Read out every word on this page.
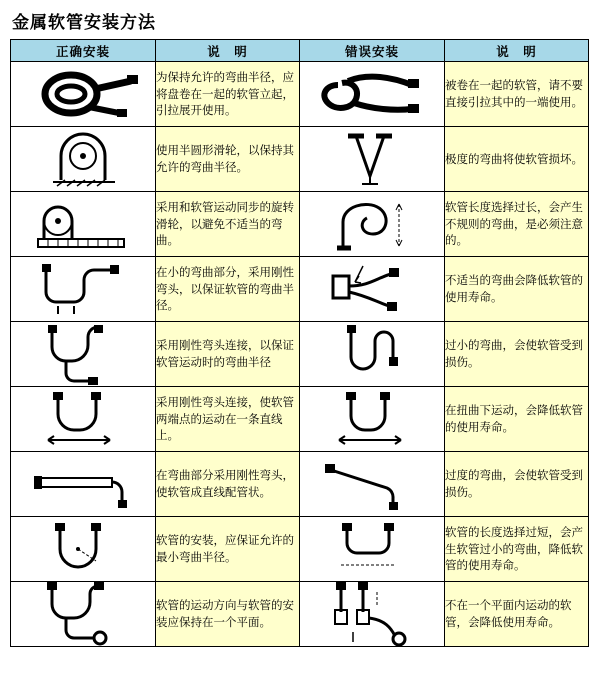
金属软管安装方法
正确安装	说　明	错误安装	说　明

	为保持允许的弯曲半径，应将盘卷在一起的软管立起，引拉展开使用。		被卷在一起的软管，请不要直接引拉其中的一端使用。

	使用半圆形滑轮，以保持其允许的弯曲半径。		极度的弯曲将使软管损坏。

	采用和软管运动同步的旋转滑轮，以避免不适当的弯曲。		软管长度选择过长，会产生不规则的弯曲，是必须注意的。

	在小的弯曲部分，采用刚性弯头，以保证软管的弯曲半径。		不适当的弯曲会降低软管的使用寿命。

	采用刚性弯头连接，以保证软管运动时的弯曲半径		过小的弯曲，会使软管受到损伤。

	采用刚性弯头连接，使软管两端点的运动在一条直线上。		在扭曲下运动，会降低软管的使用寿命。

	在弯曲部分采用刚性弯头，使软管成直线配管状。		过度的弯曲，会使软管受到损伤。

	软管的安装，应保证允许的最小弯曲半径。		软管的长度选择过短，会产生软管过小的弯曲，降低软管的使用寿命。

	软管的运动方向与软管的安装应保持在一个平面。		不在一个平面内运动的软管，会降低使用寿命。
